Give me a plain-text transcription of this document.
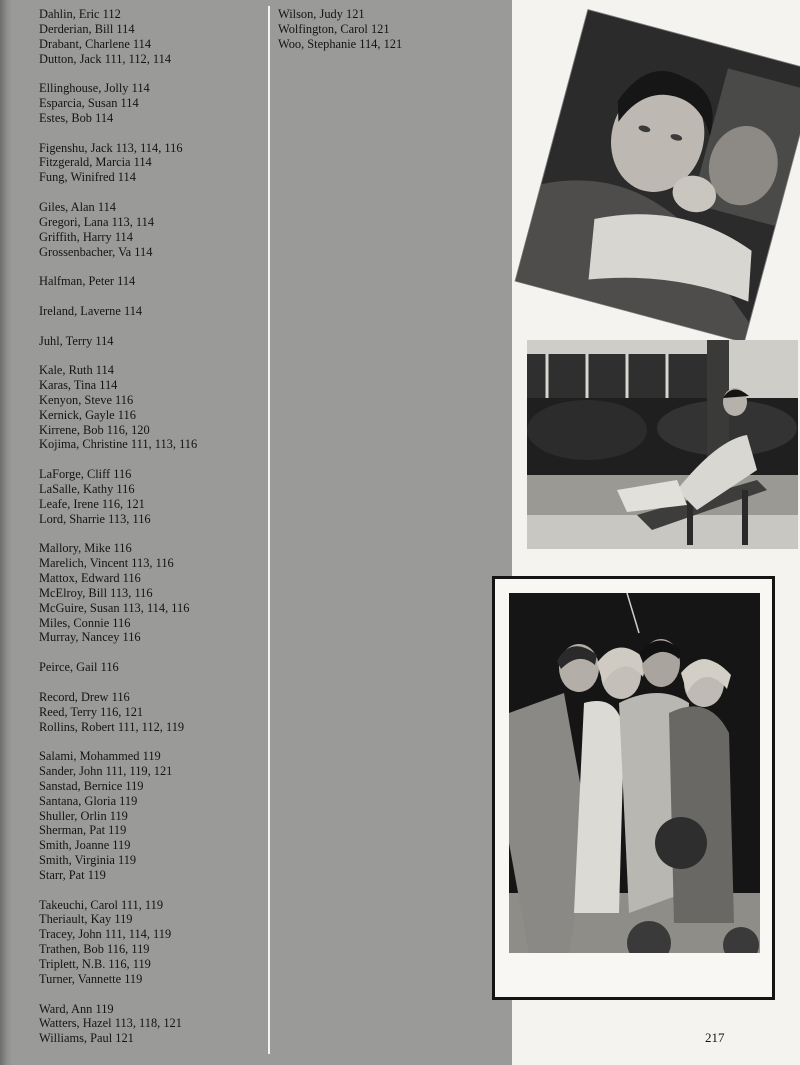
Dahlin, Eric 112
Derderian, Bill 114
Drabant, Charlene 114
Dutton, Jack 111, 112, 114
Ellinghouse, Jolly 114
Esparcia, Susan 114
Estes, Bob 114
Figenshu, Jack 113, 114, 116
Fitzgerald, Marcia 114
Fung, Winifred 114
Giles, Alan 114
Gregori, Lana 113, 114
Griffith, Harry 114
Grossenbacher, Va 114
Halfman, Peter 114
Ireland, Laverne 114
Juhl, Terry 114
Kale, Ruth 114
Karas, Tina 114
Kenyon, Steve 116
Kernick, Gayle 116
Kirrene, Bob 116, 120
Kojima, Christine 111, 113, 116
LaForge, Cliff 116
LaSalle, Kathy 116
Leafe, Irene 116, 121
Lord, Sharrie 113, 116
Mallory, Mike 116
Marelich, Vincent 113, 116
Mattox, Edward 116
McElroy, Bill 113, 116
McGuire, Susan 113, 114, 116
Miles, Connie 116
Murray, Nancey 116
Peirce, Gail 116
Record, Drew 116
Reed, Terry 116, 121
Rollins, Robert 111, 112, 119
Salami, Mohammed 119
Sander, John 111, 119, 121
Sanstad, Bernice 119
Santana, Gloria 119
Shuller, Orlin 119
Sherman, Pat 119
Smith, Joanne 119
Smith, Virginia 119
Starr, Pat 119
Takeuchi, Carol 111, 119
Theriault, Kay 119
Tracey, John 111, 114, 119
Trathen, Bob 116, 119
Triplett, N.B. 116, 119
Turner, Vannette 119
Ward, Ann 119
Watters, Hazel 113, 118, 121
Williams, Paul 121
Wilson, Judy 121
Wolfington, Carol 121
Woo, Stephanie 114, 121
217
